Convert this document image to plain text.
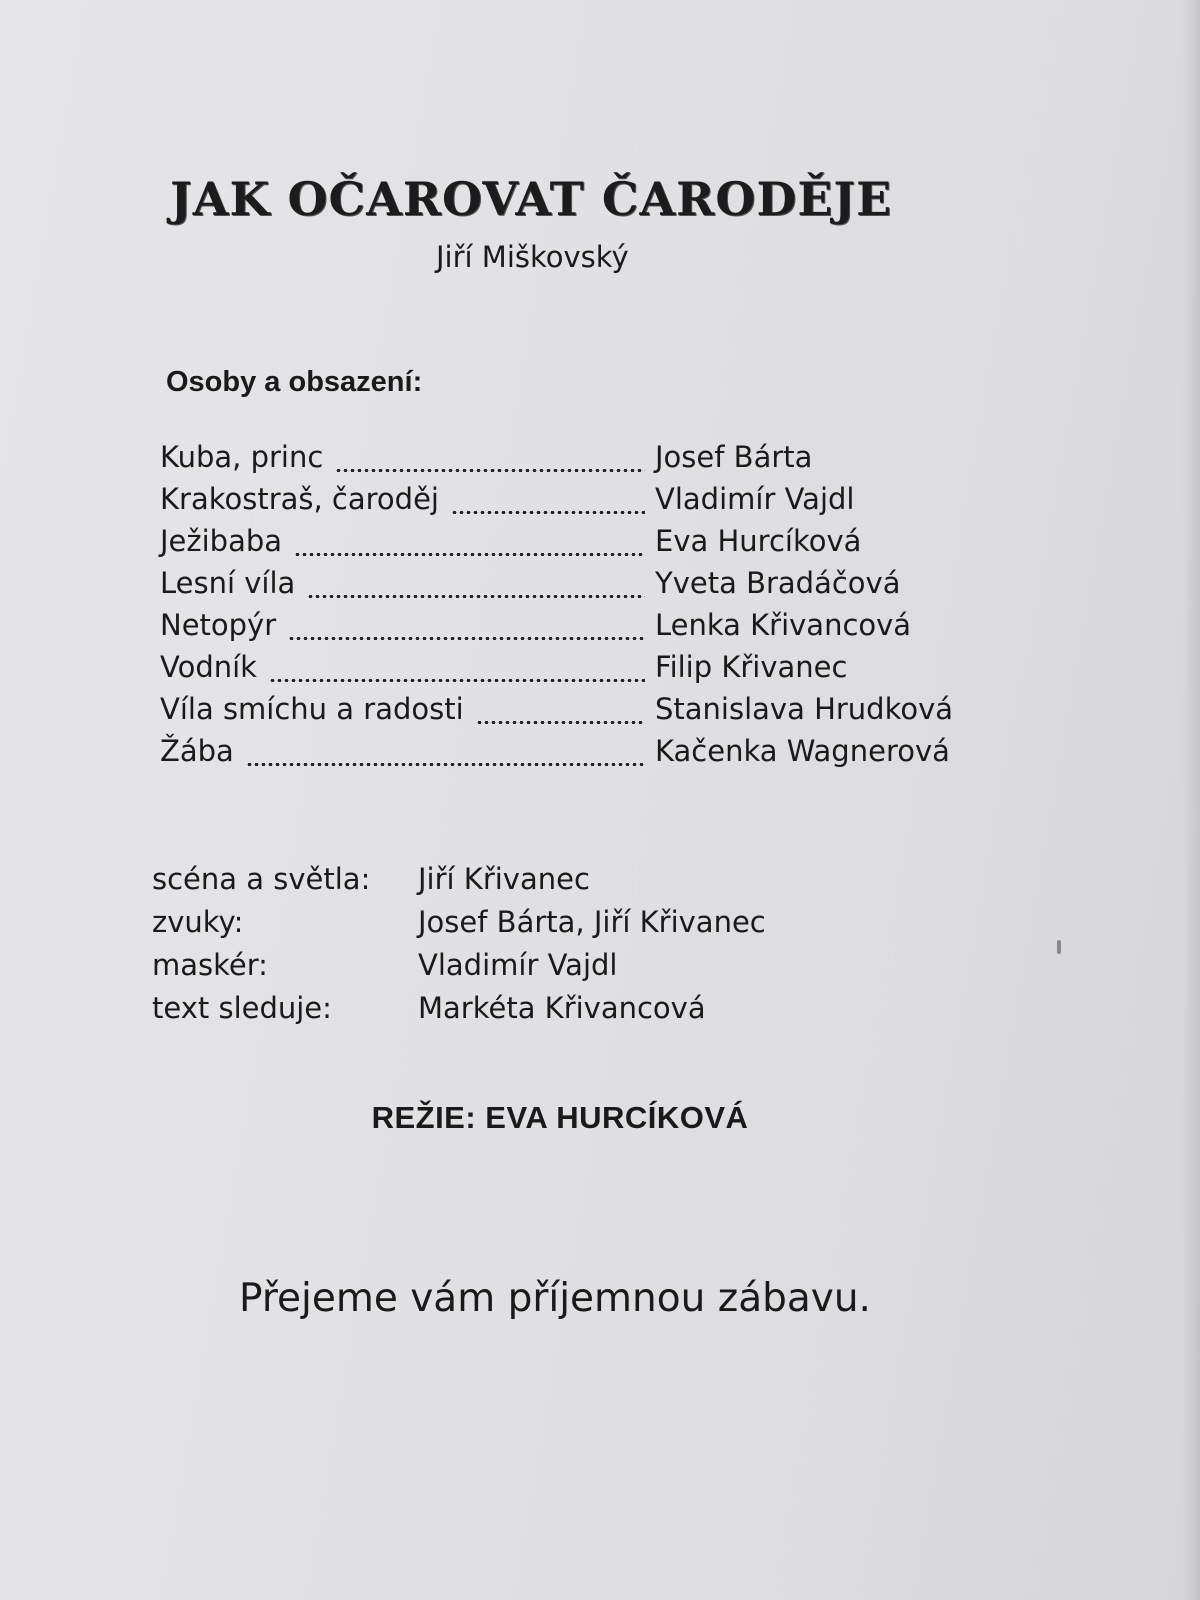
JAK OČAROVAT ČARODĚJE
Jiří Miškovský
Osoby a obsazení:
Kuba, princ	Josef Bárta
Krakostraš, čaroděj	Vladimír Vajdl
Ježibaba	Eva Hurcíková
Lesní víla	Yveta Bradáčová
Netopýr	Lenka Křivancová
Vodník	Filip Křivanec
Víla smíchu a radosti	Stanislava Hrudková
Žába	Kačenka Wagnerová
scéna a světla:	Jiří Křivanec
zvuky:	Josef Bárta, Jiří Křivanec
maskér:	Vladimír Vajdl
text sleduje:	Markéta Křivancová
REŽIE: EVA HURCÍKOVÁ
Přejeme vám příjemnou zábavu.
